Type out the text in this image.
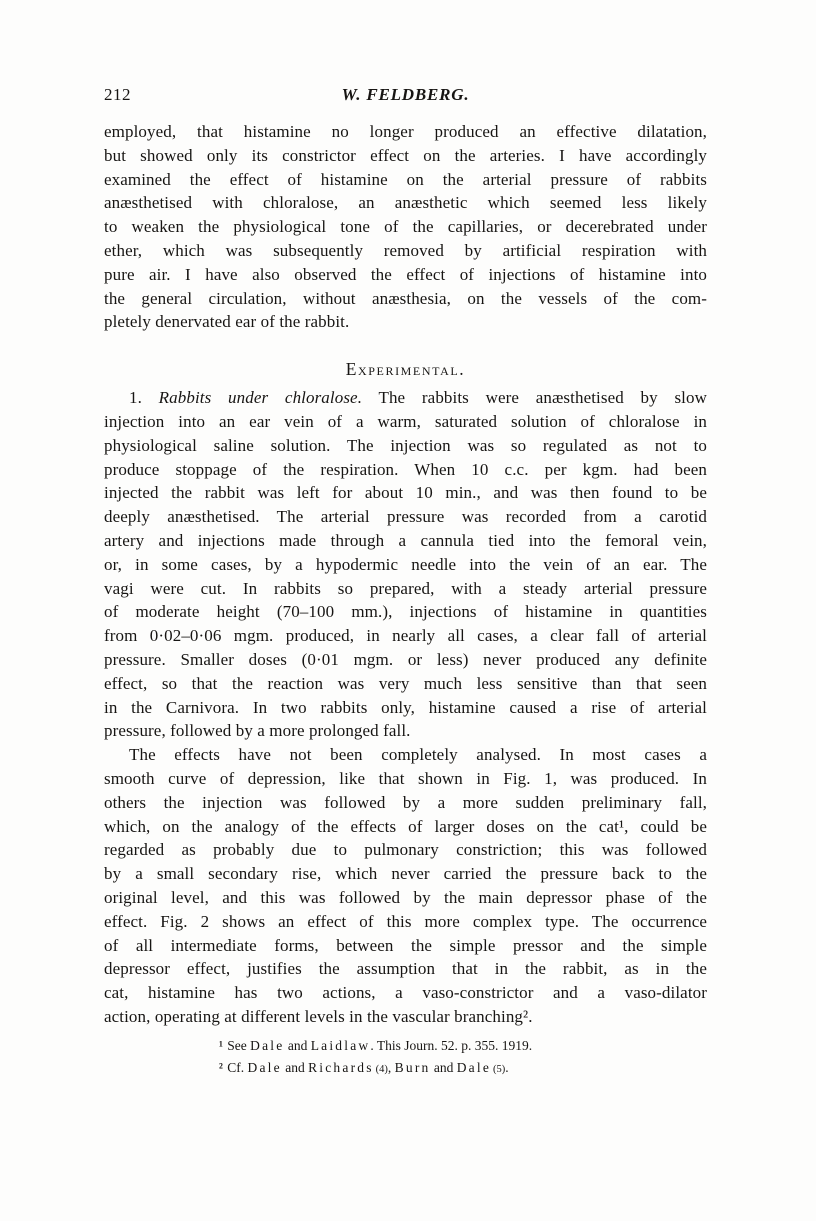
212	W. FELDBERG.
employed, that histamine no longer produced an effective dilatation,
but showed only its constrictor effect on the arteries. I have accordingly
examined the effect of histamine on the arterial pressure of rabbits
anæsthetised with chloralose, an anæsthetic which seemed less likely
to weaken the physiological tone of the capillaries, or decerebrated under
ether, which was subsequently removed by artificial respiration with
pure air. I have also observed the effect of injections of histamine into
the general circulation, without anæsthesia, on the vessels of the com-
pletely denervated ear of the rabbit.
Experimental.
1. Rabbits under chloralose. The rabbits were anæsthetised by slow
injection into an ear vein of a warm, saturated solution of chloralose in
physiological saline solution. The injection was so regulated as not to
produce stoppage of the respiration. When 10 c.c. per kgm. had been
injected the rabbit was left for about 10 min., and was then found to be
deeply anæsthetised. The arterial pressure was recorded from a carotid
artery and injections made through a cannula tied into the femoral vein,
or, in some cases, by a hypodermic needle into the vein of an ear. The
vagi were cut. In rabbits so prepared, with a steady arterial pressure
of moderate height (70–100 mm.), injections of histamine in quantities
from 0·02–0·06 mgm. produced, in nearly all cases, a clear fall of arterial
pressure. Smaller doses (0·01 mgm. or less) never produced any definite
effect, so that the reaction was very much less sensitive than that seen
in the Carnivora. In two rabbits only, histamine caused a rise of arterial
pressure, followed by a more prolonged fall.
The effects have not been completely analysed. In most cases a
smooth curve of depression, like that shown in Fig. 1, was produced. In
others the injection was followed by a more sudden preliminary fall,
which, on the analogy of the effects of larger doses on the cat¹, could be
regarded as probably due to pulmonary constriction; this was followed
by a small secondary rise, which never carried the pressure back to the
original level, and this was followed by the main depressor phase of the
effect. Fig. 2 shows an effect of this more complex type. The occurrence
of all intermediate forms, between the simple pressor and the simple
depressor effect, justifies the assumption that in the rabbit, as in the
cat, histamine has two actions, a vaso-constrictor and a vaso-dilator
action, operating at different levels in the vascular branching².
¹ See Dale and Laidlaw. This Journ. 52. p. 355. 1919.
² Cf. Dale and Richards (4), Burn and Dale (5).
